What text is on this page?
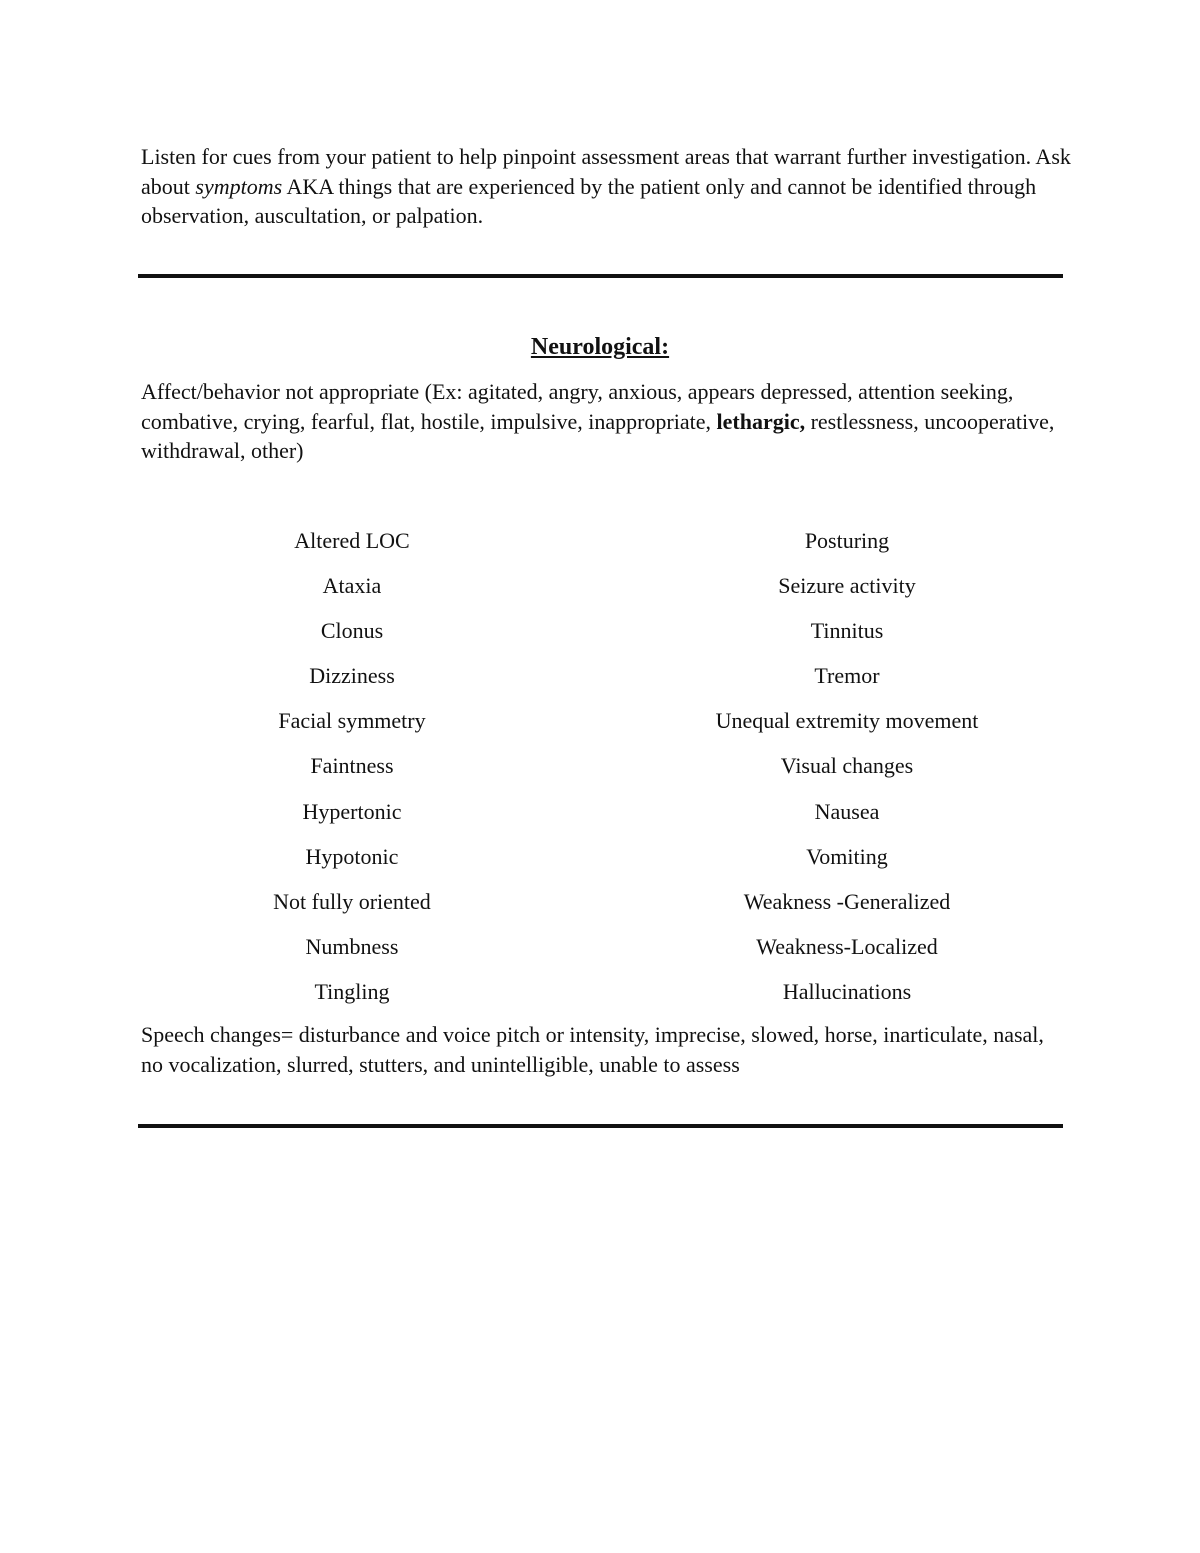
Listen for cues from your patient to help pinpoint assessment areas that warrant further investigation. Ask about symptoms AKA things that are experienced by the patient only and cannot be identified through observation, auscultation, or palpation.

Neurological:

Affect/behavior not appropriate (Ex: agitated, angry, anxious, appears depressed, attention seeking, combative, crying, fearful, flat, hostile, impulsive, inappropriate, lethargic, restlessness, uncooperative, withdrawal, other)

Altered LOC
Ataxia
Clonus
Dizziness
Facial symmetry
Faintness
Hypertonic
Hypotonic
Not fully oriented
Numbness
Tingling
Posturing
Seizure activity
Tinnitus
Tremor
Unequal extremity movement
Visual changes
Nausea
Vomiting
Weakness -Generalized
Weakness-Localized
Hallucinations

Speech changes= disturbance and voice pitch or intensity, imprecise, slowed, horse, inarticulate, nasal, no vocalization, slurred, stutters, and unintelligible, unable to assess
